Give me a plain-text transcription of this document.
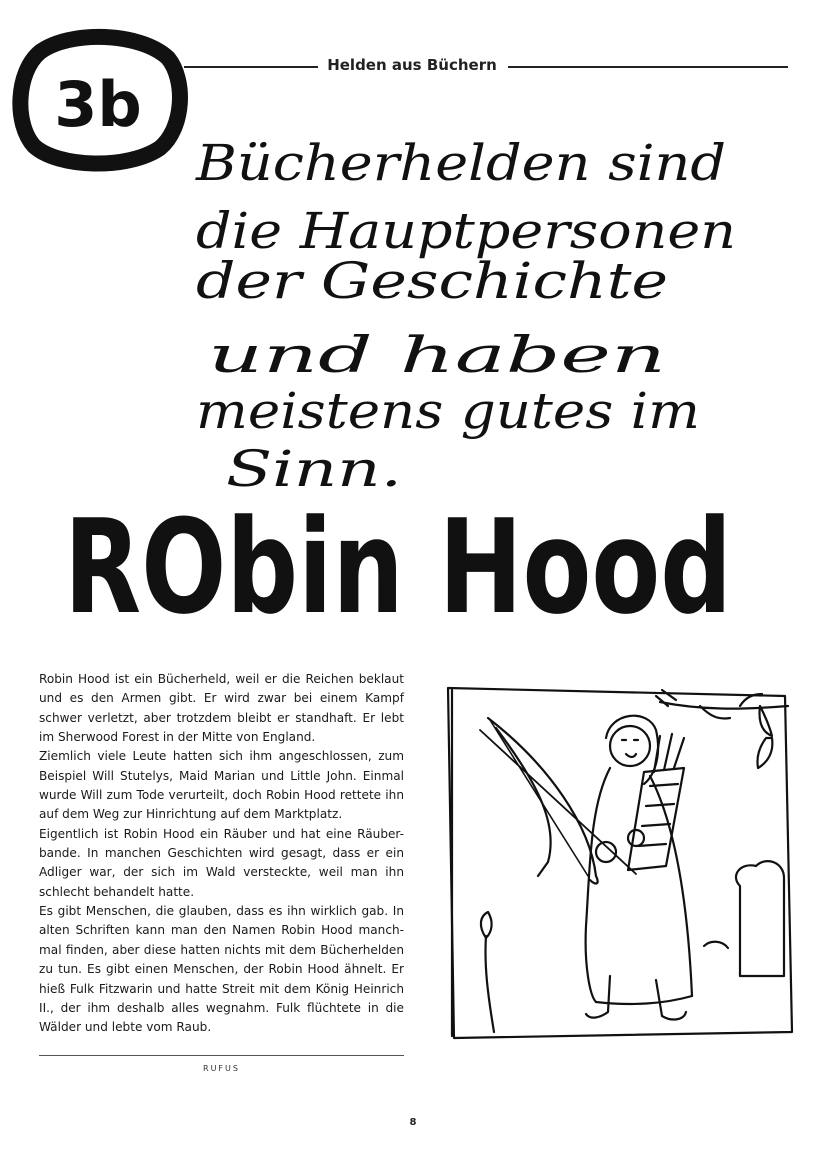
3b
Helden aus Büchern
Bücherhelden sind
die Hauptpersonen
der Geschichte
und haben
meistens gutes im
Sinn.
RObin Hood

Robin Hood ist ein Bücherheld, weil er die Reichen beklaut und es den Armen gibt. Er wird zwar bei einem Kampf schwer verletzt, aber trotzdem bleibt er standhaft. Er lebt im Sherwood Forest in der Mitte von England.

Ziemlich viele Leute hatten sich ihm angeschlossen, zum Beispiel Will Stutelys, Maid Marian und Little John. Einmal wurde Will zum Tode verurteilt, doch Robin Hood rettete ihn auf dem Weg zur Hinrichtung auf dem Marktplatz.

Eigentlich ist Robin Hood ein Räuber und hat eine Räuber-bande. In manchen Geschichten wird gesagt, dass er ein Adliger war, der sich im Wald versteckte, weil man ihn schlecht behandelt hatte.

Es gibt Menschen, die glauben, dass es ihn wirklich gab. In alten Schriften kann man den Namen Robin Hood manch-mal finden, aber diese hatten nichts mit dem Bücherhelden zu tun. Es gibt einen Menschen, der Robin Hood ähnelt. Er hieß Fulk Fitzwarin und hatte Streit mit dem König Heinrich II., der ihm deshalb alles wegnahm. Fulk flüchtete in die Wälder und lebte vom Raub.

RUFUS
8
